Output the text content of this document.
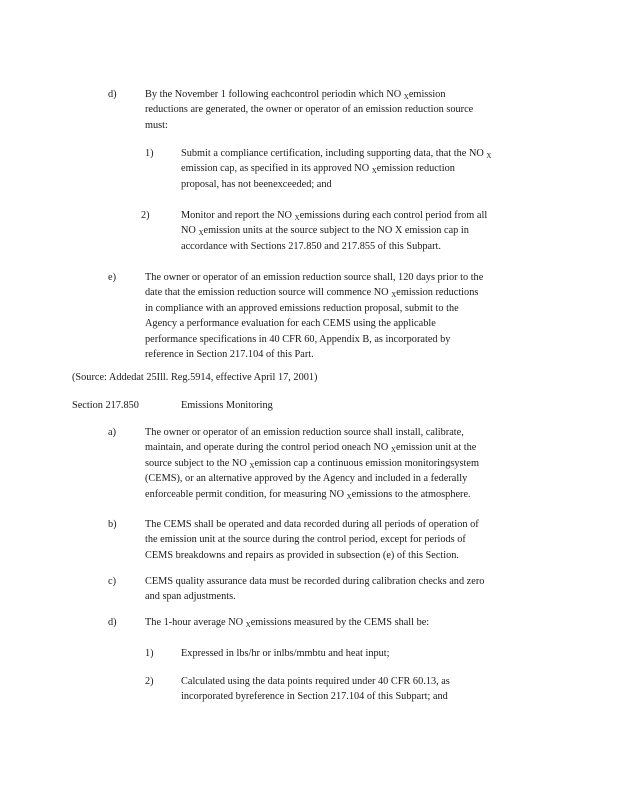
d)	By the November 1 following eachcontrol periodin which NO $_X$emission
reductions are generated, the owner or operator of an emission reduction source
must:
1)	Submit a compliance certification, including supporting data, that the NO $_X$
emission cap, as specified in its approved NO $_X$emission reduction
proposal, has not beenexceeded; and
2)	Monitor and report the NO $_X$emissions during each control period from all
NO $_X$emission units at the source subject to the NO X emission cap in
accordance with Sections 217.850 and 217.855 of this Subpart.
e)	The owner or operator of an emission reduction source shall, 120 days prior to the
date that the emission reduction source will commence NO $_X$emission reductions
in compliance with an approved emissions reduction proposal, submit to the
Agency a performance evaluation for each CEMS using the applicable
performance specifications in 40 CFR 60, Appendix B, as incorporated by
reference in Section 217.104 of this Part.
(Source: Addedat 25Ill. Reg.5914, effective April 17, 2001)
Section 217.850	Emissions Monitoring
a)	The owner or operator of an emission reduction source shall install, calibrate,
maintain, and operate during the control period oneach NO $_X$emission unit at the
source subject to the NO $_X$emission cap a continuous emission monitoringsystem
(CEMS), or an alternative approved by the Agency and included in a federally
enforceable permit condition, for measuring NO $_X$emissions to the atmosphere.
b)	The CEMS shall be operated and data recorded during all periods of operation of
the emission unit at the source during the control period, except for periods of
CEMS breakdowns and repairs as provided in subsection (e) of this Section.
c)	CEMS quality assurance data must be recorded during calibration checks and zero
and span adjustments.
d)	The 1-hour average NO $_X$emissions measured by the CEMS shall be:
1)	Expressed in lbs/hr or inlbs/mmbtu and heat input;
2)	Calculated using the data points required under 40 CFR 60.13, as
incorporated byreference in Section 217.104 of this Subpart; and
